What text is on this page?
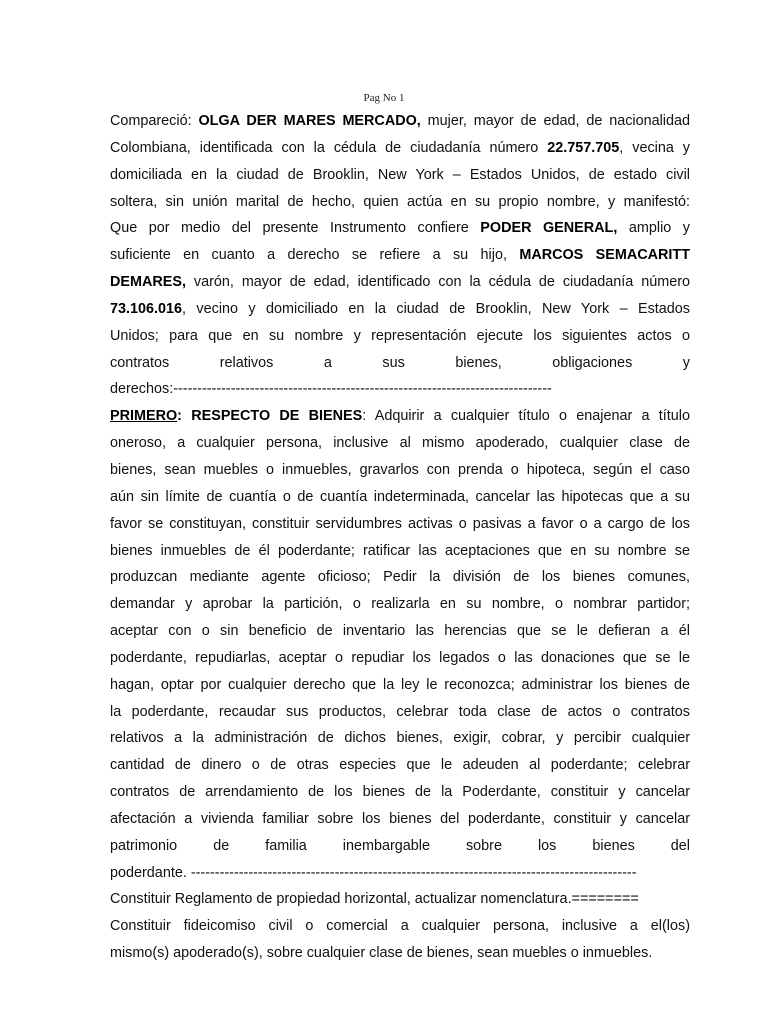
Pag No 1
Compareció: OLGA DER MARES MERCADO, mujer, mayor de edad, de nacionalidad
Colombiana, identificada con la cédula de ciudadanía número 22.757.705, vecina y
domiciliada en la ciudad de Brooklin, New York – Estados Unidos, de estado civil
soltera, sin unión marital de hecho, quien actúa en su propio nombre, y manifestó:
Que por medio del presente Instrumento confiere PODER GENERAL, amplio y
suficiente en cuanto a derecho se refiere a su hijo, MARCOS SEMACARITT
DEMARES, varón, mayor de edad, identificado con la cédula de ciudadanía número
73.106.016, vecino y domiciliado en la ciudad de Brooklin, New York – Estados
Unidos; para que en su nombre y representación ejecute los siguientes actos o
contratos relativos a sus bienes, obligaciones y
derechos:-------------------------------------------------------------------------------
PRIMERO: RESPECTO DE BIENES: Adquirir a cualquier título o enajenar a título
oneroso, a cualquier persona, inclusive al mismo apoderado, cualquier clase de
bienes, sean muebles o inmuebles, gravarlos con prenda o hipoteca, según el caso
aún sin límite de cuantía o de cuantía indeterminada, cancelar las hipotecas que a su
favor se constituyan, constituir servidumbres activas o pasivas a favor o a cargo de los
bienes inmuebles de él poderdante; ratificar las aceptaciones que en su nombre se
produzcan mediante agente oficioso; Pedir la división de los bienes comunes,
demandar y aprobar la partición, o realizarla en su nombre, o nombrar partidor;
aceptar con o sin beneficio de inventario las herencias que se le defieran a él
poderdante, repudiarlas, aceptar o repudiar los legados o las donaciones que se le
hagan, optar por cualquier derecho que la ley le reconozca; administrar los bienes de
la poderdante, recaudar sus productos, celebrar toda clase de actos o contratos
relativos a la administración de dichos bienes, exigir, cobrar, y percibir cualquier
cantidad de dinero o de otras especies que le adeuden al poderdante; celebrar
contratos de arrendamiento de los bienes de la Poderdante, constituir y cancelar
afectación a vivienda familiar sobre los bienes del poderdante, constituir y cancelar
patrimonio de familia inembargable sobre los bienes del
poderdante. ---------------------------------------------------------------------------------------------
Constituir Reglamento de propiedad horizontal, actualizar nomenclatura.========
Constituir fideicomiso civil o comercial a cualquier persona, inclusive a el(los)
mismo(s) apoderado(s), sobre cualquier clase de bienes, sean muebles o inmuebles.
